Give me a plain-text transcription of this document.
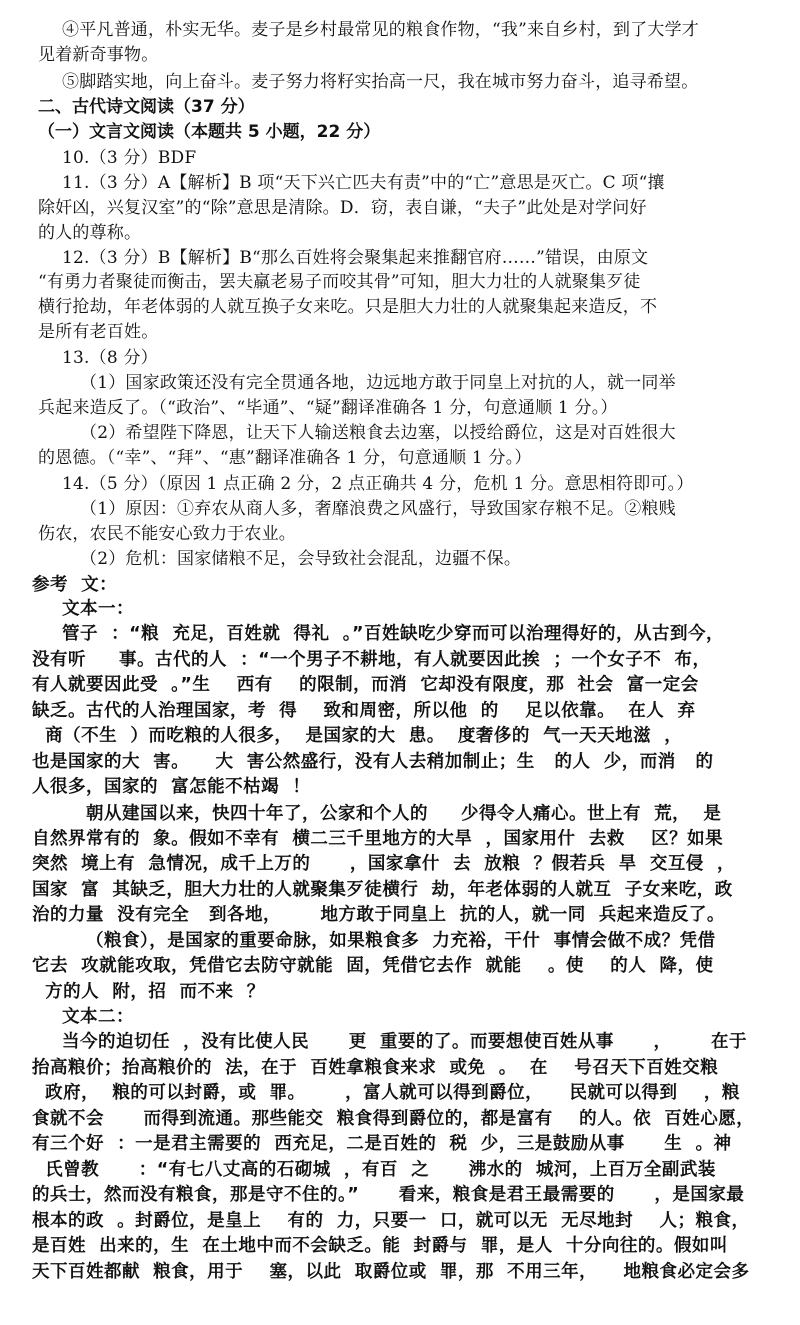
④平凡普通，朴实无华。麦子是乡村最常见的粮食作物，“我”来自乡村，到了大学才
见着新奇事物。
⑤脚踏实地，向上奋斗。麦子努力将籽实抬高一尺，我在城市努力奋斗，追寻希望。
二、古代诗文阅读（37 分）
（一）文言文阅读（本题共 5 小题，22 分）
10.（3 分）BDF
11.（3 分）A【解析】B 项“天下兴亡匹夫有责”中的“亡”意思是灭亡。C 项“攘
除奸凶，兴复汉室”的“除”意思是清除。D．窃，表自谦，“夫子”此处是对学问好
的人的尊称。
12.（3 分）B【解析】B“那么百姓将会聚集起来推翻官府……”错误，由原文
“有勇力者聚徒而衡击，罢夫羸老易子而咬其骨”可知，胆大力壮的人就聚集歹徒
横行抢劫，年老体弱的人就互换子女来吃。只是胆大力壮的人就聚集起来造反，不
是所有老百姓。
13.（8 分）
（1）国家政策还没有完全贯通各地，边远地方敢于同皇上对抗的人，就一同举
兵起来造反了。（“政治”、“毕通”、“疑”翻译准确各 1 分，句意通顺 1 分。）
（2）希望陛下降恩，让天下人输送粮食去边塞，以授给爵位，这是对百姓很大
的恩德。（“幸”、“拜”、“惠”翻译准确各 1 分，句意通顺 1 分。）
14.（5 分）（原因 1 点正确 2 分，2 点正确共 4 分，危机 1 分。意思相符即可。）
（1）原因：①弃农从商人多，奢靡浪费之风盛行，导致国家存粮不足。②粮贱
伤农，农民不能安心致力于农业。
（2）危机：国家储粮不足，会导致社会混乱，边疆不保。
参考  文：
文本一：
管子  ：“粮  充足，百姓就  得礼  。”百姓缺吃少穿而可以治理得好的，从古到今，
没有听     事。古代的人  ：“一个男子不耕地，有人就要因此挨  ；一个女子不  布，
有人就要因此受  。”生    西有    的限制，而消  它却没有限度，那  社会  富一定会
缺乏。古代的人治理国家，考  得    致和周密，所以他  的    足以依靠。  在人  弃
商（不生  ）而吃粮的人很多，  是国家的大  患。  度奢侈的  气一天天地滋  ，
也是国家的大  害。    大  害公然盛行，没有人去稍加制止；生   的人  少，而消   的
人很多，国家的  富怎能不枯竭  ！
朝从建国以来，快四十年了，公家和个人的     少得令人痛心。世上有  荒，  是
自然界常有的  象。假如不幸有  横二三千里地方的大旱  ，国家用什  去救    区？如果
突然  境上有  急情况，成千上万的      ，国家拿什  去  放粮  ？假若兵  旱  交互侵  ，
国家  富  其缺乏，胆大力壮的人就聚集歹徒横行  劫，年老体弱的人就互  子女来吃，政
治的力量  没有完全   到各地，      地方敢于同皇上  抗的人，就一同  兵起来造反了。
（粮食），是国家的重要命脉，如果粮食多  力充裕，干什  事情会做不成？凭借
它去  攻就能攻取，凭借它去防守就能  固，凭借它去作  就能    。使    的人  降，使
方的人  附，招  而不来  ？
文本二：
当今的迫切任  ，没有比使人民      更  重要的了。而要想使百姓从事      ，      在于
抬高粮价；抬高粮价的  法，在于  百姓拿粮食来求  或免  。  在    号召天下百姓交粮
政府，  粮的可以封爵，或  罪。      ，富人就可以得到爵位，    民就可以得到    ，粮
食就不会      而得到流通。那些能交  粮食得到爵位的，都是富有    的人。依  百姓心愿，
有三个好  ：一是君主需要的  西充足，二是百姓的  税  少，三是鼓励从事      生  。神
氏曾教      ：“有七八丈高的石砌城  ，有百  之      沸水的  城河，上百万全副武装
的兵士，然而没有粮食，那是守不住的。”      看来，粮食是君王最需要的      ，是国家最
根本的政  。封爵位，是皇上    有的  力，只要一  口，就可以无  无尽地封    人；粮食，
是百姓  出来的，生  在土地中而不会缺乏。能  封爵与  罪，是人  十分向往的。假如叫
天下百姓都献  粮食，用于    塞，以此  取爵位或  罪，那  不用三年，    地粮食必定会多
